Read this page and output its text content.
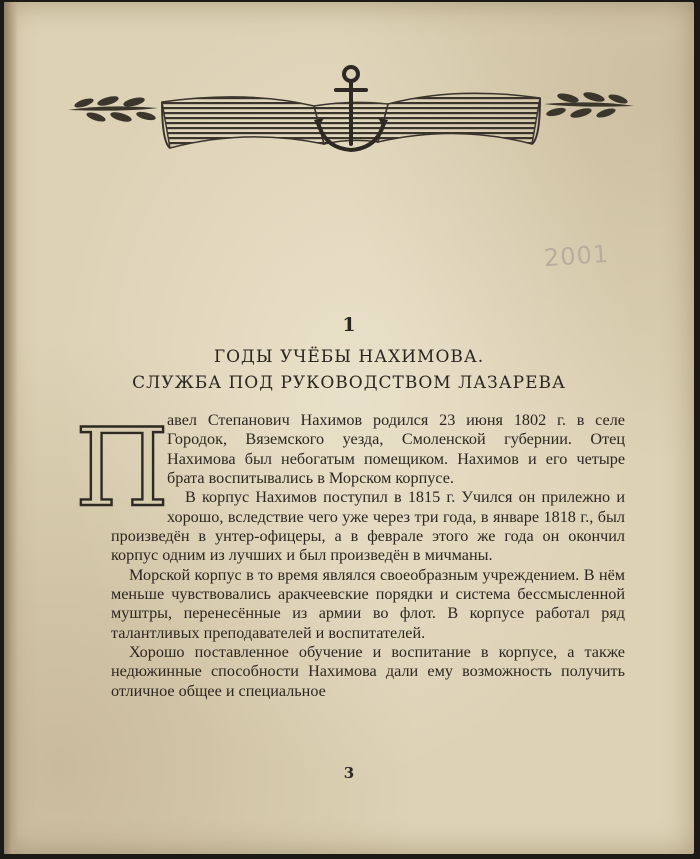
2001
1
ГОДЫ УЧЁБЫ НАХИМОВА.
СЛУЖБА ПОД РУКОВОДСТВОМ ЛАЗАРЕВА
П

авел Степанович Нахимов родился 23 июня 1802 г. в селе Городок, Вяземского уезда, Смоленской губернии. Отец Нахимова был небогатым помещиком. Нахимов и его четыре брата воспитывались в Морском корпусе.

В корпус Нахимов поступил в 1815 г. Учился он прилежно и хорошо, вследствие чего уже через три года, в январе 1818 г., был произведён в унтер-офицеры, а в феврале этого же года он окончил корпус одним из лучших и был произведён в мичманы.

Морской корпус в то время являлся своеобразным учреждением. В нём меньше чувствовались аракчеевские порядки и система бессмысленной муштры, перенесённые из армии во флот. В корпусе работал ряд талантливых преподавателей и воспитателей.

Хорошо поставленное обучение и воспитание в корпусе, а также недюжинные способности Нахимова дали ему возможность получить отличное общее и специальное

3
